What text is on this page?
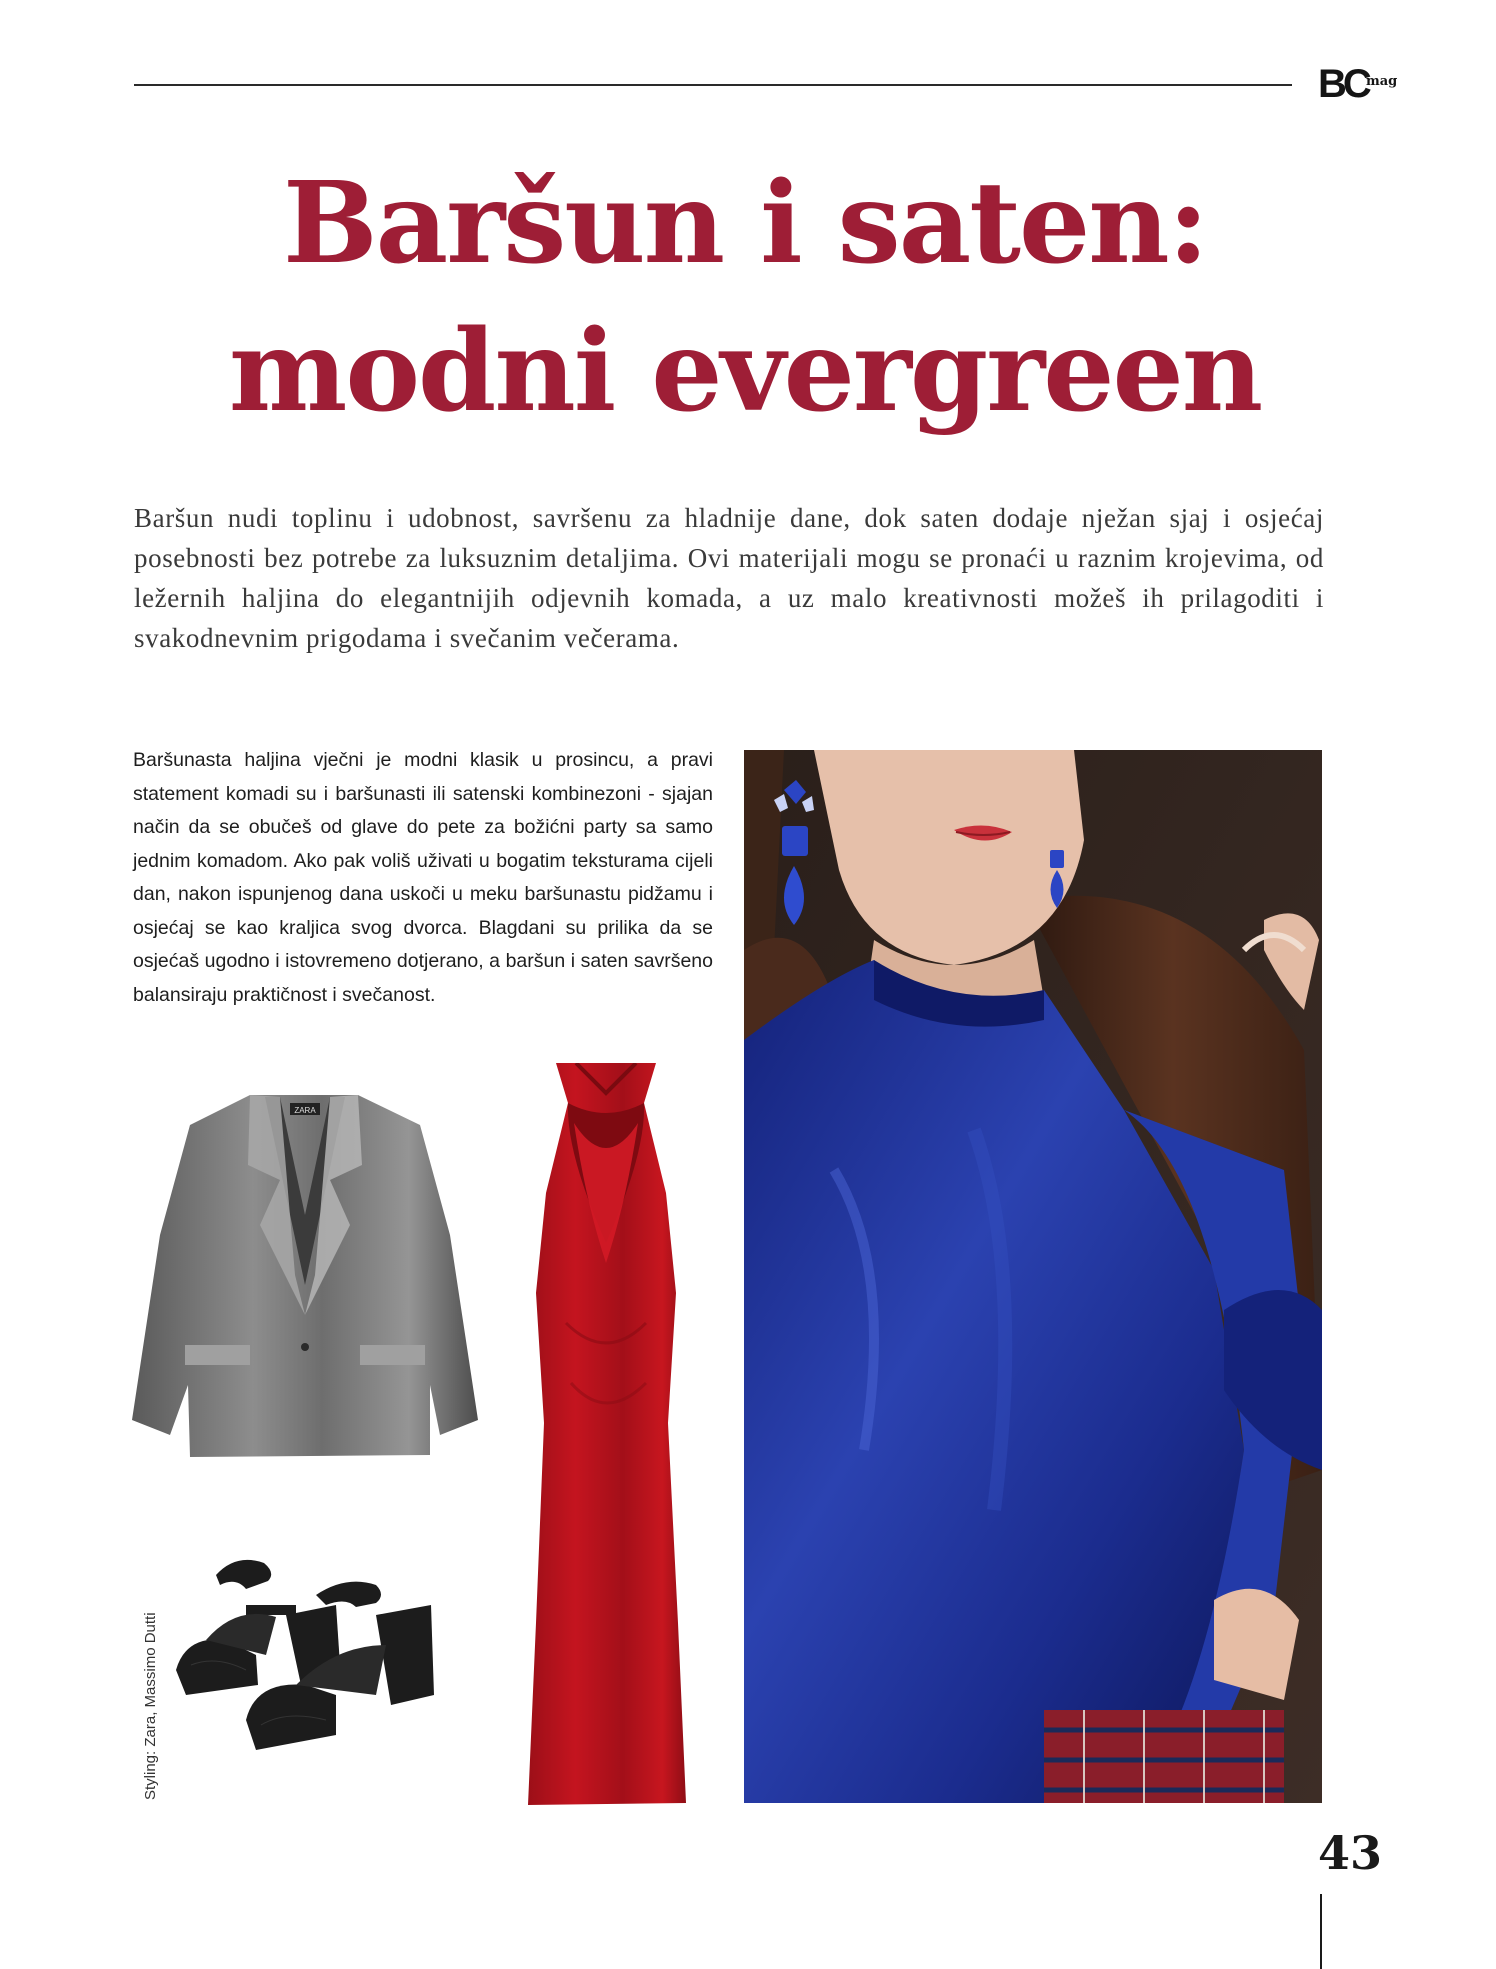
BC
mag
Baršun i saten:
modni evergreen

Baršun nudi toplinu i udobnost, savršenu za hladnije dane, dok saten dodaje nježan sjaj i osjećaj posebnosti bez potrebe za luksuznim detaljima. Ovi materijali mogu se pronaći u raznim krojevima, od ležernih haljina do elegantnijih odjevnih komada, a uz malo kreativnosti možeš ih prilagoditi i svakodnevnim prigodama i svečanim večerama.

Baršunasta haljina vječni je modni klasik u prosincu, a pravi statement komadi su i baršunasti ili satenski kombinezoni - sjajan način da se obučeš od glave do pete za božićni party sa samo jednim komadom. Ako pak voliš uživati u bogatim teksturama cijeli dan, nakon ispunjenog dana uskoči u meku baršunastu pidžamu i osjećaj se kao kraljica svog dvorca. Blagdani su prilika da se osjećaš ugodno i istovremeno dotjerano, a baršun i saten savršeno balansiraju praktičnost i svečanost.

Styling: Zara, Massimo Dutti
ZARA
43
